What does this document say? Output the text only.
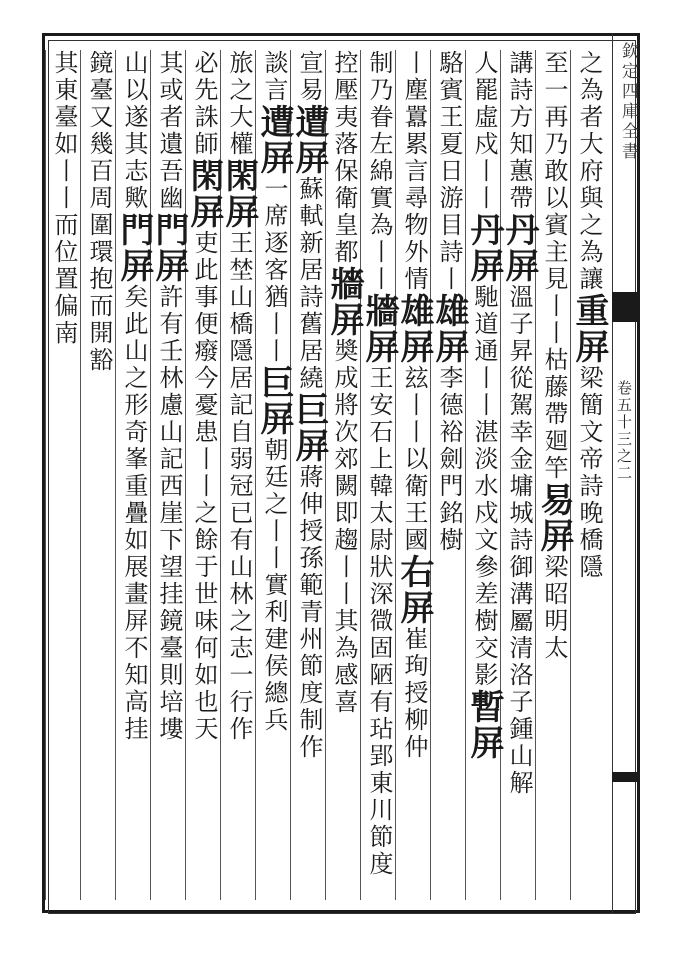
欽定四庫全書
卷五十三之二
之為者大府與之為讓重屏梁簡文帝詩晚橋隱
至一再乃敢以賓主見丨丨枯藤帶廻竿易屏梁昭明太
講詩方知蕙帶丹屏溫子昇從駕幸金墉城詩御溝屬清洛子鍾山解
人罷虛戍丨丨丹屏馳道通丨丨湛淡水戍文參差樹交影暫屏
駱賓王夏日游目詩丨雄屏李德裕劍門銘樹
丨塵囂累言尋物外情雄屏玆丨丨以衛王國右屏崔珣授柳仲
制乃眷左綿實為丨丨牆屏王安石上韓太尉狀深㣲固陋有玷郢東川節度
控壓夷落保衛皇都牆屏奬成將次郊闕即趨丨丨其為感喜
宣易遭屏蘇軾新居詩舊居繞巨屏蔣伸授孫範青州節度制作
談言遭屏一席逐客猶丨丨巨屏朝廷之丨丨實利建侯總兵
旅之大權閑屏王埜山橋隱居記自弱冠已有山林之志一行作
必先誅師閑屏吏此事便癈今憂患丨丨之餘于世味何如也天
其或者遺吾幽門屏許有壬林慮山記西崖下望挂鏡臺則培塿
山以遂其志歟門屏矣此山之形奇峯重疊如展畫屏不知高挂
鏡臺又幾百周圍環抱而開豁
其東臺如丨丨而位置偏南
